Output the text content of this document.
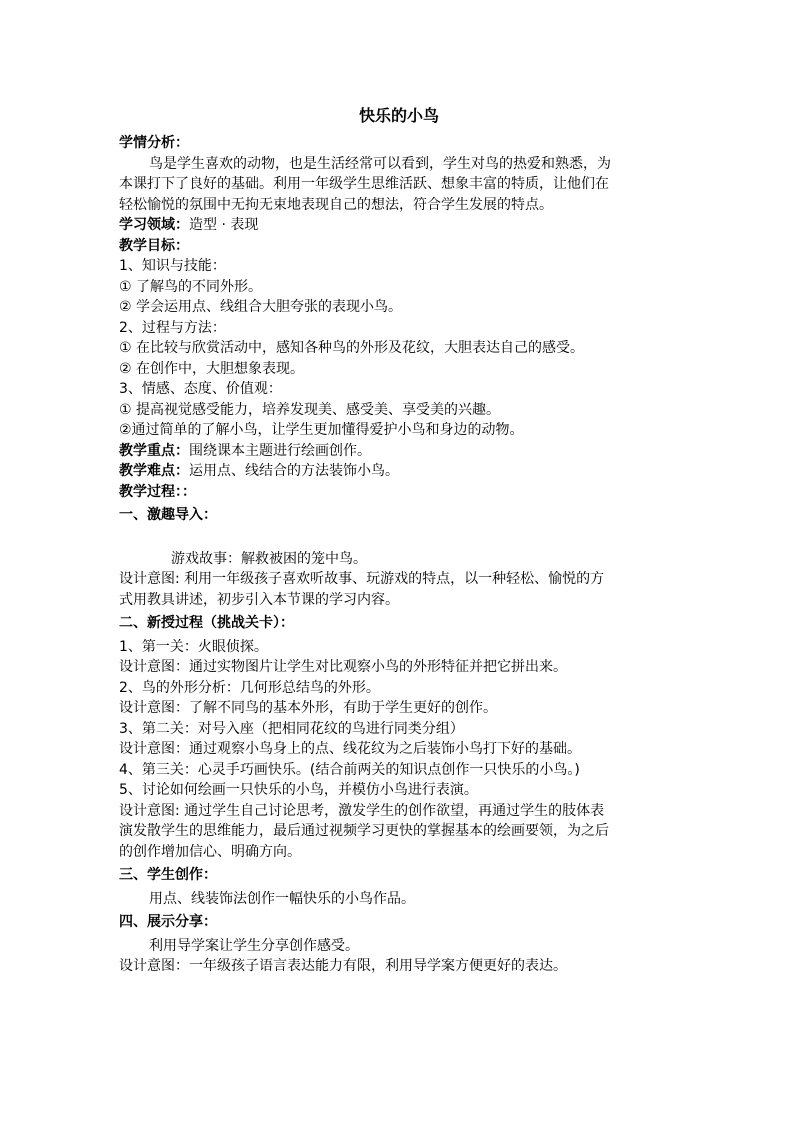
快乐的小鸟
学情分析：
鸟是学生喜欢的动物，也是生活经常可以看到，学生对鸟的热爱和熟悉，为
本课打下了良好的基础。利用一年级学生思维活跃、想象丰富的特质，让他们在
轻松愉悦的氛围中无拘无束地表现自己的想法，符合学生发展的特点。
学习领域：造型 · 表现
教学目标：
1、知识与技能：
① 了解鸟的不同外形。
② 学会运用点、线组合大胆夸张的表现小鸟。
2、过程与方法：
① 在比较与欣赏活动中，感知各种鸟的外形及花纹，大胆表达自己的感受。
② 在创作中，大胆想象表现。
3、情感、态度、价值观：
① 提高视觉感受能力，培养发现美、感受美、享受美的兴趣。
②通过简单的了解小鸟，让学生更加懂得爱护小鸟和身边的动物。
教学重点：围绕课本主题进行绘画创作。
教学难点：运用点、线结合的方法装饰小鸟。
教学过程：：
一、激趣导入：
游戏故事：解救被困的笼中鸟。
设计意图: 利用一年级孩子喜欢听故事、玩游戏的特点，以一种轻松、愉悦的方
式用教具讲述，初步引入本节课的学习内容。
二、新授过程（挑战关卡）：
1、第一关：火眼侦探。
设计意图：通过实物图片让学生对比观察小鸟的外形特征并把它拼出来。
2、鸟的外形分析：几何形总结鸟的外形。
设计意图：了解不同鸟的基本外形，有助于学生更好的创作。
3、第二关：对号入座（把相同花纹的鸟进行同类分组）
设计意图：通过观察小鸟身上的点、线花纹为之后装饰小鸟打下好的基础。
4、第三关：心灵手巧画快乐。(结合前两关的知识点创作一只快乐的小鸟。)
5、讨论如何绘画一只快乐的小鸟，并模仿小鸟进行表演。
设计意图: 通过学生自己讨论思考，激发学生的创作欲望，再通过学生的肢体表
演发散学生的思维能力，最后通过视频学习更快的掌握基本的绘画要领，为之后
的创作增加信心、明确方向。
三、学生创作：
用点、线装饰法创作一幅快乐的小鸟作品。
四、展示分享：
利用导学案让学生分享创作感受。
设计意图：一年级孩子语言表达能力有限，利用导学案方便更好的表达。
